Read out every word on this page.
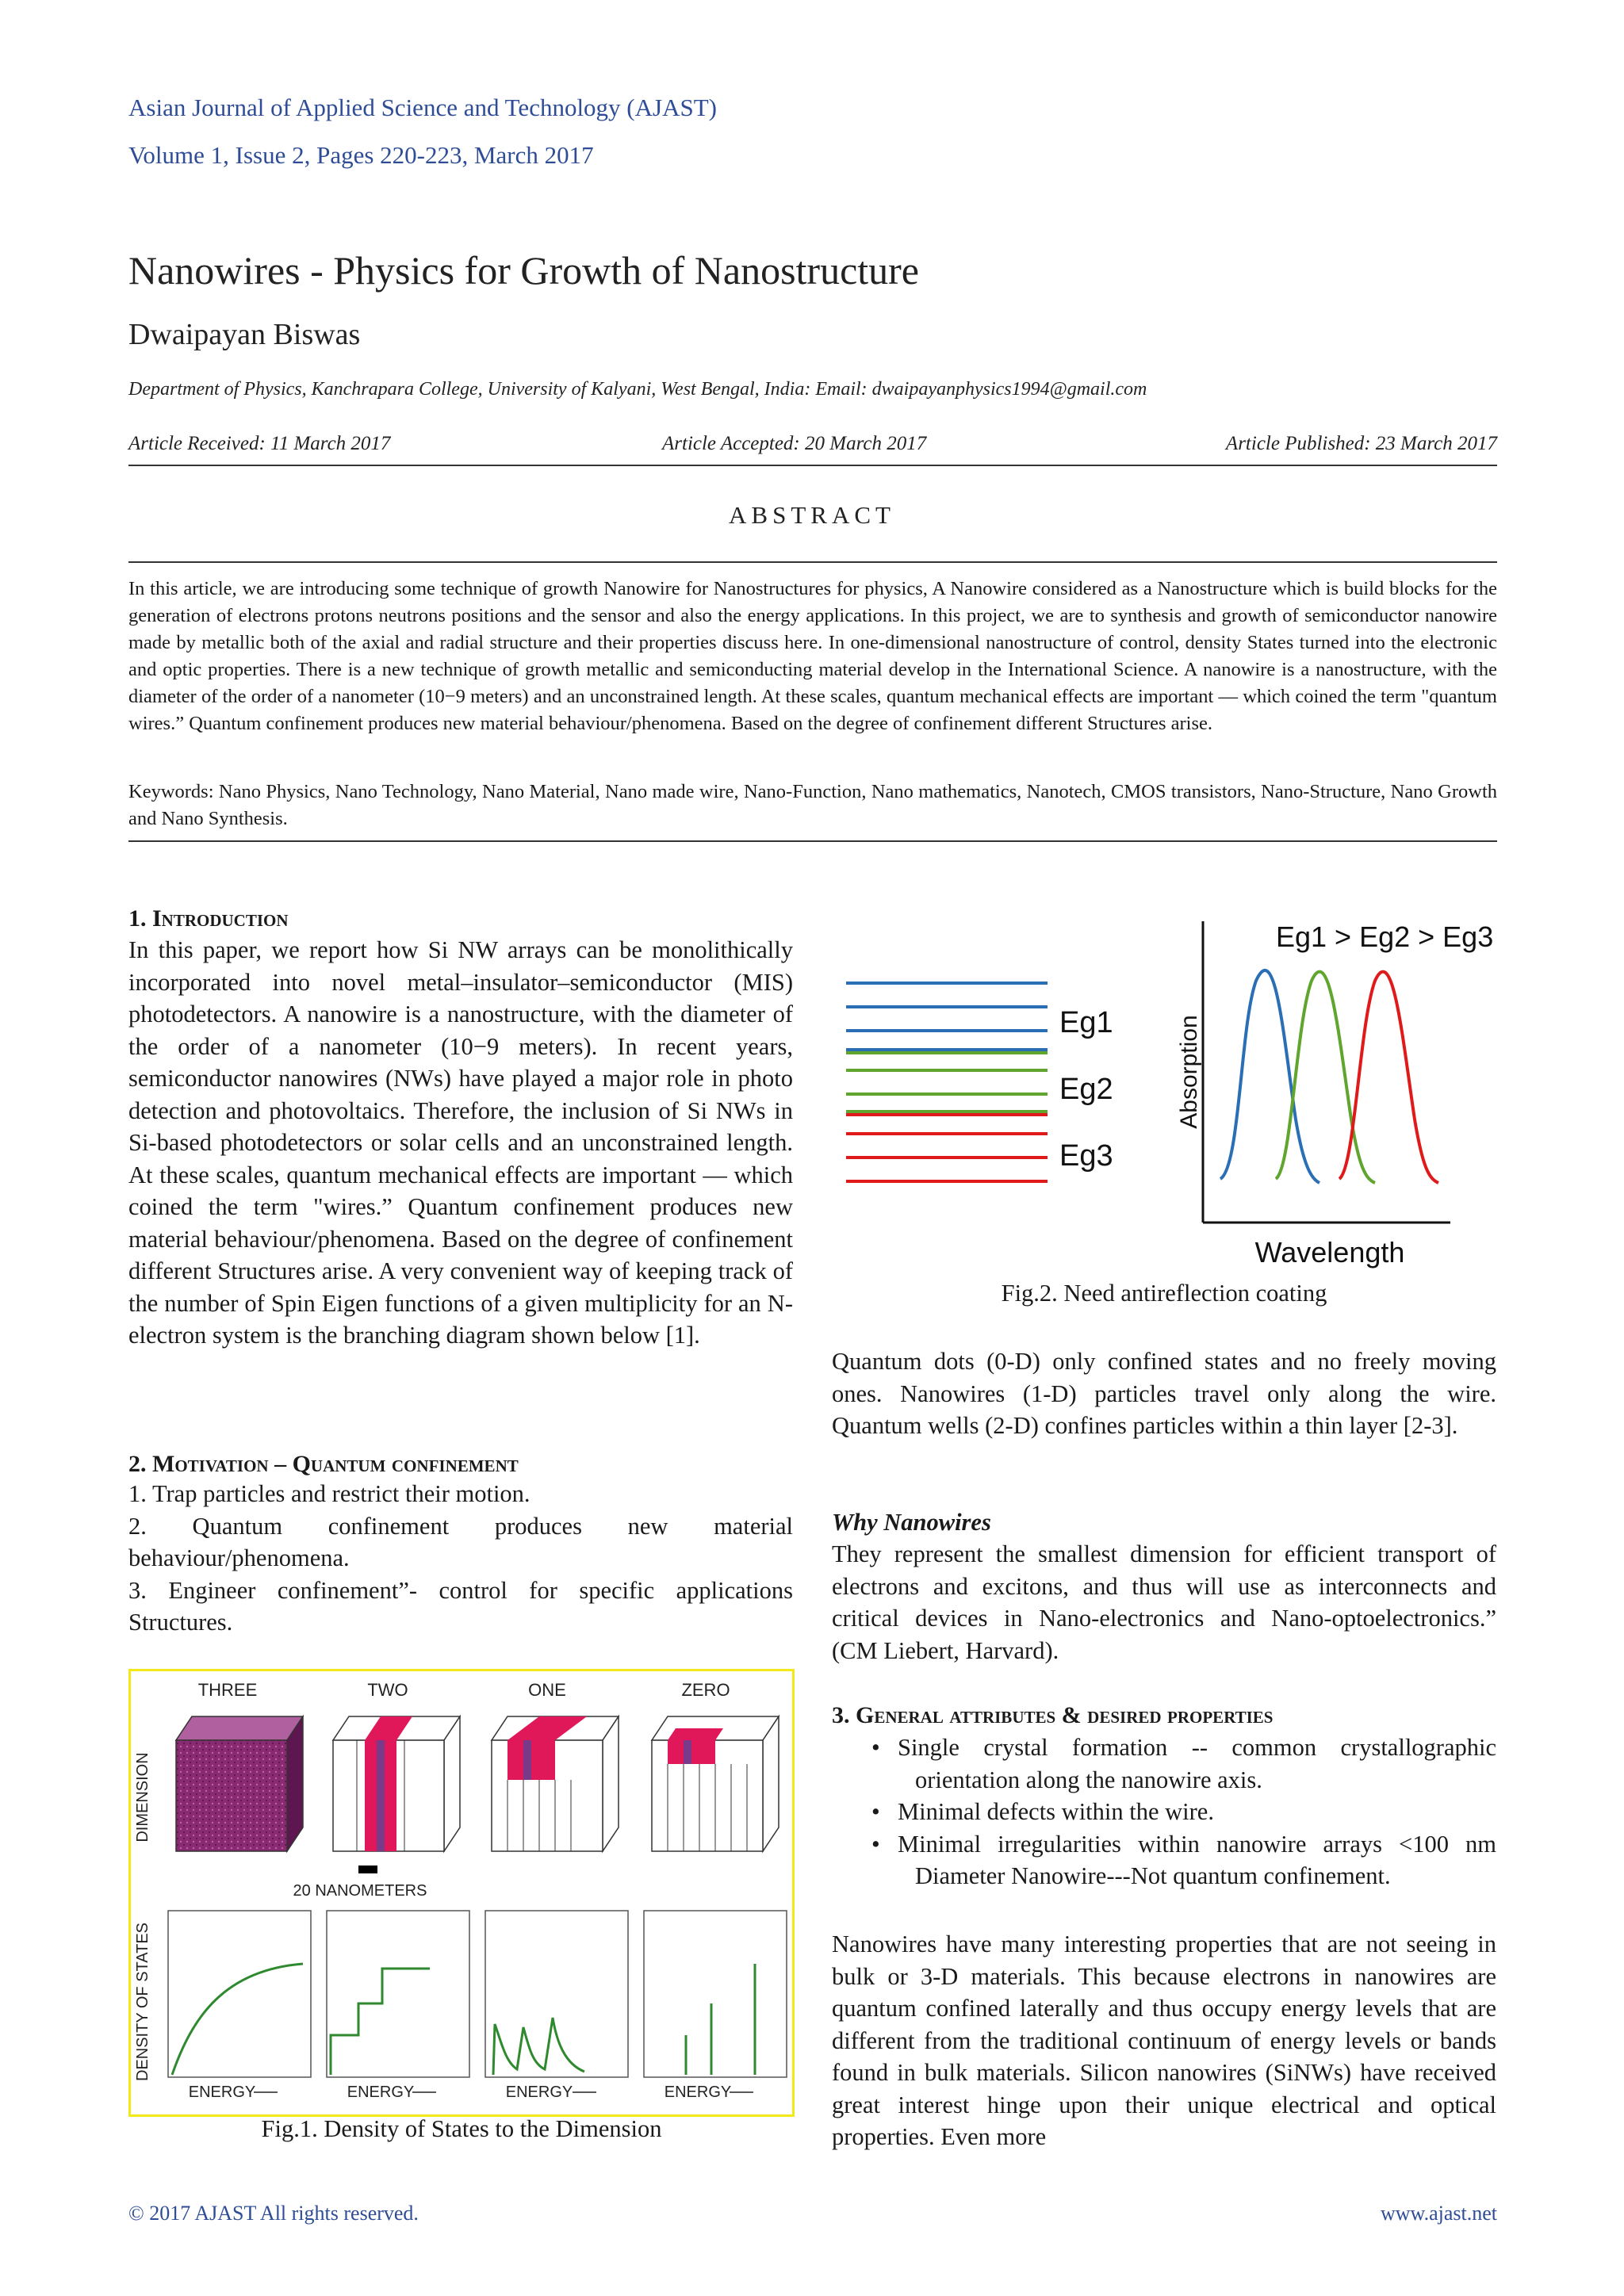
Asian Journal of Applied Science and Technology (AJAST)
Volume 1, Issue 2, Pages 220-223, March 2017
Nanowires - Physics for Growth of Nanostructure
Dwaipayan Biswas
Department of Physics, Kanchrapara College, University of Kalyani, West Bengal, India: Email: dwaipayanphysics1994@gmail.com
Article Received: 11 March 2017	Article Accepted: 20 March 2017	Article Published: 23 March 2017
ABSTRACT
In this article, we are introducing some technique of growth Nanowire for Nanostructures for physics, A Nanowire considered as a Nanostructure which is build blocks for the generation of electrons protons neutrons positions and the sensor and also the energy applications. In this project, we are to synthesis and growth of semiconductor nanowire made by metallic both of the axial and radial structure and their properties discuss here. In one-dimensional nanostructure of control, density States turned into the electronic and optic properties. There is a new technique of growth metallic and semiconducting material develop in the International Science. A nanowire is a nanostructure, with the diameter of the order of a nanometer (10−9 meters) and an unconstrained length. At these scales, quantum mechanical effects are important — which coined the term "quantum wires.” Quantum confinement produces new material behaviour/phenomena. Based on the degree of confinement different Structures arise.
Keywords: Nano Physics, Nano Technology, Nano Material, Nano made wire, Nano-Function, Nano mathematics, Nanotech, CMOS transistors, Nano-Structure, Nano Growth and Nano Synthesis.
1. Introduction
In this paper, we report how Si NW arrays can be monolithically incorporated into novel metal–insulator–semiconductor (MIS) photodetectors. A nanowire is a nanostructure, with the diameter of the order of a nanometer (10−9 meters). In recent years, semiconductor nanowires (NWs) have played a major role in photo detection and photovoltaics. Therefore, the inclusion of Si NWs in Si-based photodetectors or solar cells and an unconstrained length. At these scales, quantum mechanical effects are important — which coined the term "wires.” Quantum confinement produces new material behaviour/phenomena. Based on the degree of confinement different Structures arise. A very convenient way of keeping track of the number of Spin Eigen functions of a given multiplicity for an N-electron system is the branching diagram shown below [1].
2. Motivation – Quantum confinement
1. Trap particles and restrict their motion.
2. Quantum confinement produces new material behaviour/phenomena.
3. Engineer confinement”- control for specific applications Structures.
THREE	TWO	ONE	ZERO
DIMENSION
DENSITY OF STATES
20 NANOMETERS
ENERGY	ENERGY	ENERGY	ENERGY
Fig.1. Density of States to the Dimension
Eg1
Eg2
Eg3
Eg1 > Eg2 > Eg3
Absorption
Wavelength
Fig.2. Need antireflection coating
Quantum dots (0-D) only confined states and no freely moving ones. Nanowires (1-D) particles travel only along the wire. Quantum wells (2-D) confines particles within a thin layer [2-3].
Why Nanowires
They represent the smallest dimension for efficient transport of electrons and excitons, and thus will use as interconnects and critical devices in Nano-electronics and Nano-optoelectronics.” (CM Liebert, Harvard).
3. General attributes & desired properties
• Single crystal formation -- common crystallographic orientation along the nanowire axis.
• Minimal defects within the wire.
• Minimal irregularities within nanowire arrays <100 nm Diameter Nanowire---Not quantum confinement.
Nanowires have many interesting properties that are not seeing in bulk or 3-D materials. This because electrons in nanowires are quantum confined laterally and thus occupy energy levels that are different from the traditional continuum of energy levels or bands found in bulk materials. Silicon nanowires (SiNWs) have received great interest hinge upon their unique electrical and optical properties. Even more
© 2017 AJAST All rights reserved.	www.ajast.net
